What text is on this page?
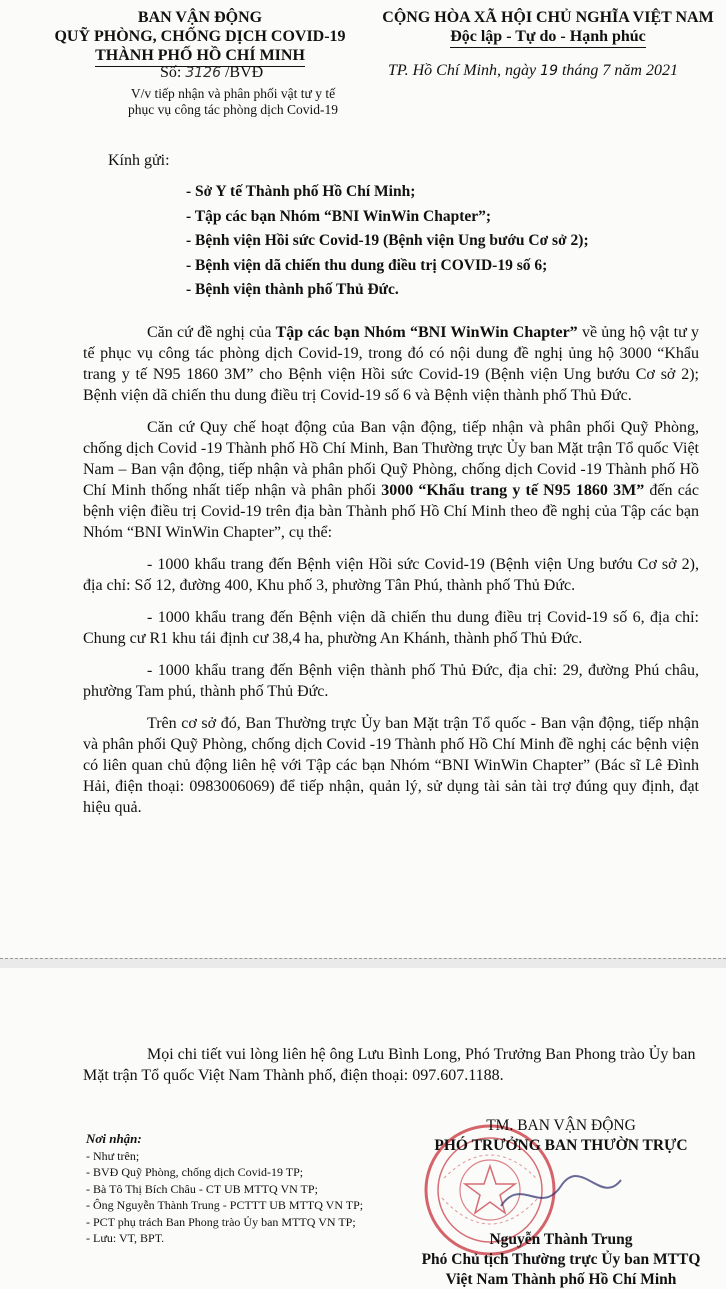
BAN VẬN ĐỘNG
QUỸ PHÒNG, CHỐNG DỊCH COVID-19
THÀNH PHỐ HỒ CHÍ MINH
Số: 3126 /BVĐ
V/v tiếp nhận và phân phối vật tư y tế
phục vụ công tác phòng dịch Covid-19
CỘNG HÒA XÃ HỘI CHỦ NGHĨA VIỆT NAM
Độc lập - Tự do - Hạnh phúc
TP. Hồ Chí Minh, ngày 19 tháng 7 năm 2021
Kính gửi:
- Sở Y tế Thành phố Hồ Chí Minh;
- Tập các bạn Nhóm “BNI WinWin Chapter”;
- Bệnh viện Hồi sức Covid-19 (Bệnh viện Ung bướu Cơ sở 2);
- Bệnh viện dã chiến thu dung điều trị COVID-19 số 6;
- Bệnh viện thành phố Thủ Đức.

Căn cứ đề nghị của Tập các bạn Nhóm “BNI WinWin Chapter” về ủng hộ vật tư y tế phục vụ công tác phòng dịch Covid-19, trong đó có nội dung đề nghị ủng hộ 3000 “Khẩu trang y tế N95 1860 3M” cho Bệnh viện Hồi sức Covid-19 (Bệnh viện Ung bướu Cơ sở 2); Bệnh viện dã chiến thu dung điều trị Covid-19 số 6 và Bệnh viện thành phố Thủ Đức.

Căn cứ Quy chế hoạt động của Ban vận động, tiếp nhận và phân phối Quỹ Phòng, chống dịch Covid -19 Thành phố Hồ Chí Minh, Ban Thường trực Ủy ban Mặt trận Tổ quốc Việt Nam – Ban vận động, tiếp nhận và phân phối Quỹ Phòng, chống dịch Covid -19 Thành phố Hồ Chí Minh thống nhất tiếp nhận và phân phối 3000 “Khẩu trang y tế N95 1860 3M” đến các bệnh viện điều trị Covid-19 trên địa bàn Thành phố Hồ Chí Minh theo đề nghị của Tập các bạn Nhóm “BNI WinWin Chapter”, cụ thể:

- 1000 khẩu trang đến Bệnh viện Hồi sức Covid-19 (Bệnh viện Ung bướu Cơ sở 2), địa chỉ: Số 12, đường 400, Khu phố 3, phường Tân Phú, thành phố Thủ Đức.

- 1000 khẩu trang đến Bệnh viện dã chiến thu dung điều trị Covid-19 số 6, địa chỉ: Chung cư R1 khu tái định cư 38,4 ha, phường An Khánh, thành phố Thủ Đức.

- 1000 khẩu trang đến Bệnh viện thành phố Thủ Đức, địa chỉ: 29, đường Phú châu, phường Tam phú, thành phố Thủ Đức.

Trên cơ sở đó, Ban Thường trực Ủy ban Mặt trận Tổ quốc - Ban vận động, tiếp nhận và phân phối Quỹ Phòng, chống dịch Covid -19 Thành phố Hồ Chí Minh đề nghị các bệnh viện có liên quan chủ động liên hệ với Tập các bạn Nhóm “BNI WinWin Chapter” (Bác sĩ Lê Đình Hải, điện thoại: 0983006069) để tiếp nhận, quản lý, sử dụng tài sản tài trợ đúng quy định, đạt hiệu quả.

Mọi chi tiết vui lòng liên hệ ông Lưu Bình Long, Phó Trưởng Ban Phong trào Ủy ban Mặt trận Tổ quốc Việt Nam Thành phố, điện thoại: 097.607.1188.
Nơi nhận:
- Như trên;
- BVĐ Quỹ Phòng, chống dịch Covid-19 TP;
- Bà Tô Thị Bích Châu - CT UB MTTQ VN TP;
- Ông Nguyễn Thành Trung - PCTTT UB MTTQ VN TP;
- PCT phụ trách Ban Phong trào Ủy ban MTTQ VN TP;
- Lưu: VT, BPT.
TM. BAN VẬN ĐỘNG
PHÓ TRƯỞNG BAN THƯỜN TRỰC
Nguyễn Thành Trung
Phó Chủ tịch Thường trực Ủy ban MTTQ
Việt Nam Thành phố Hồ Chí Minh
